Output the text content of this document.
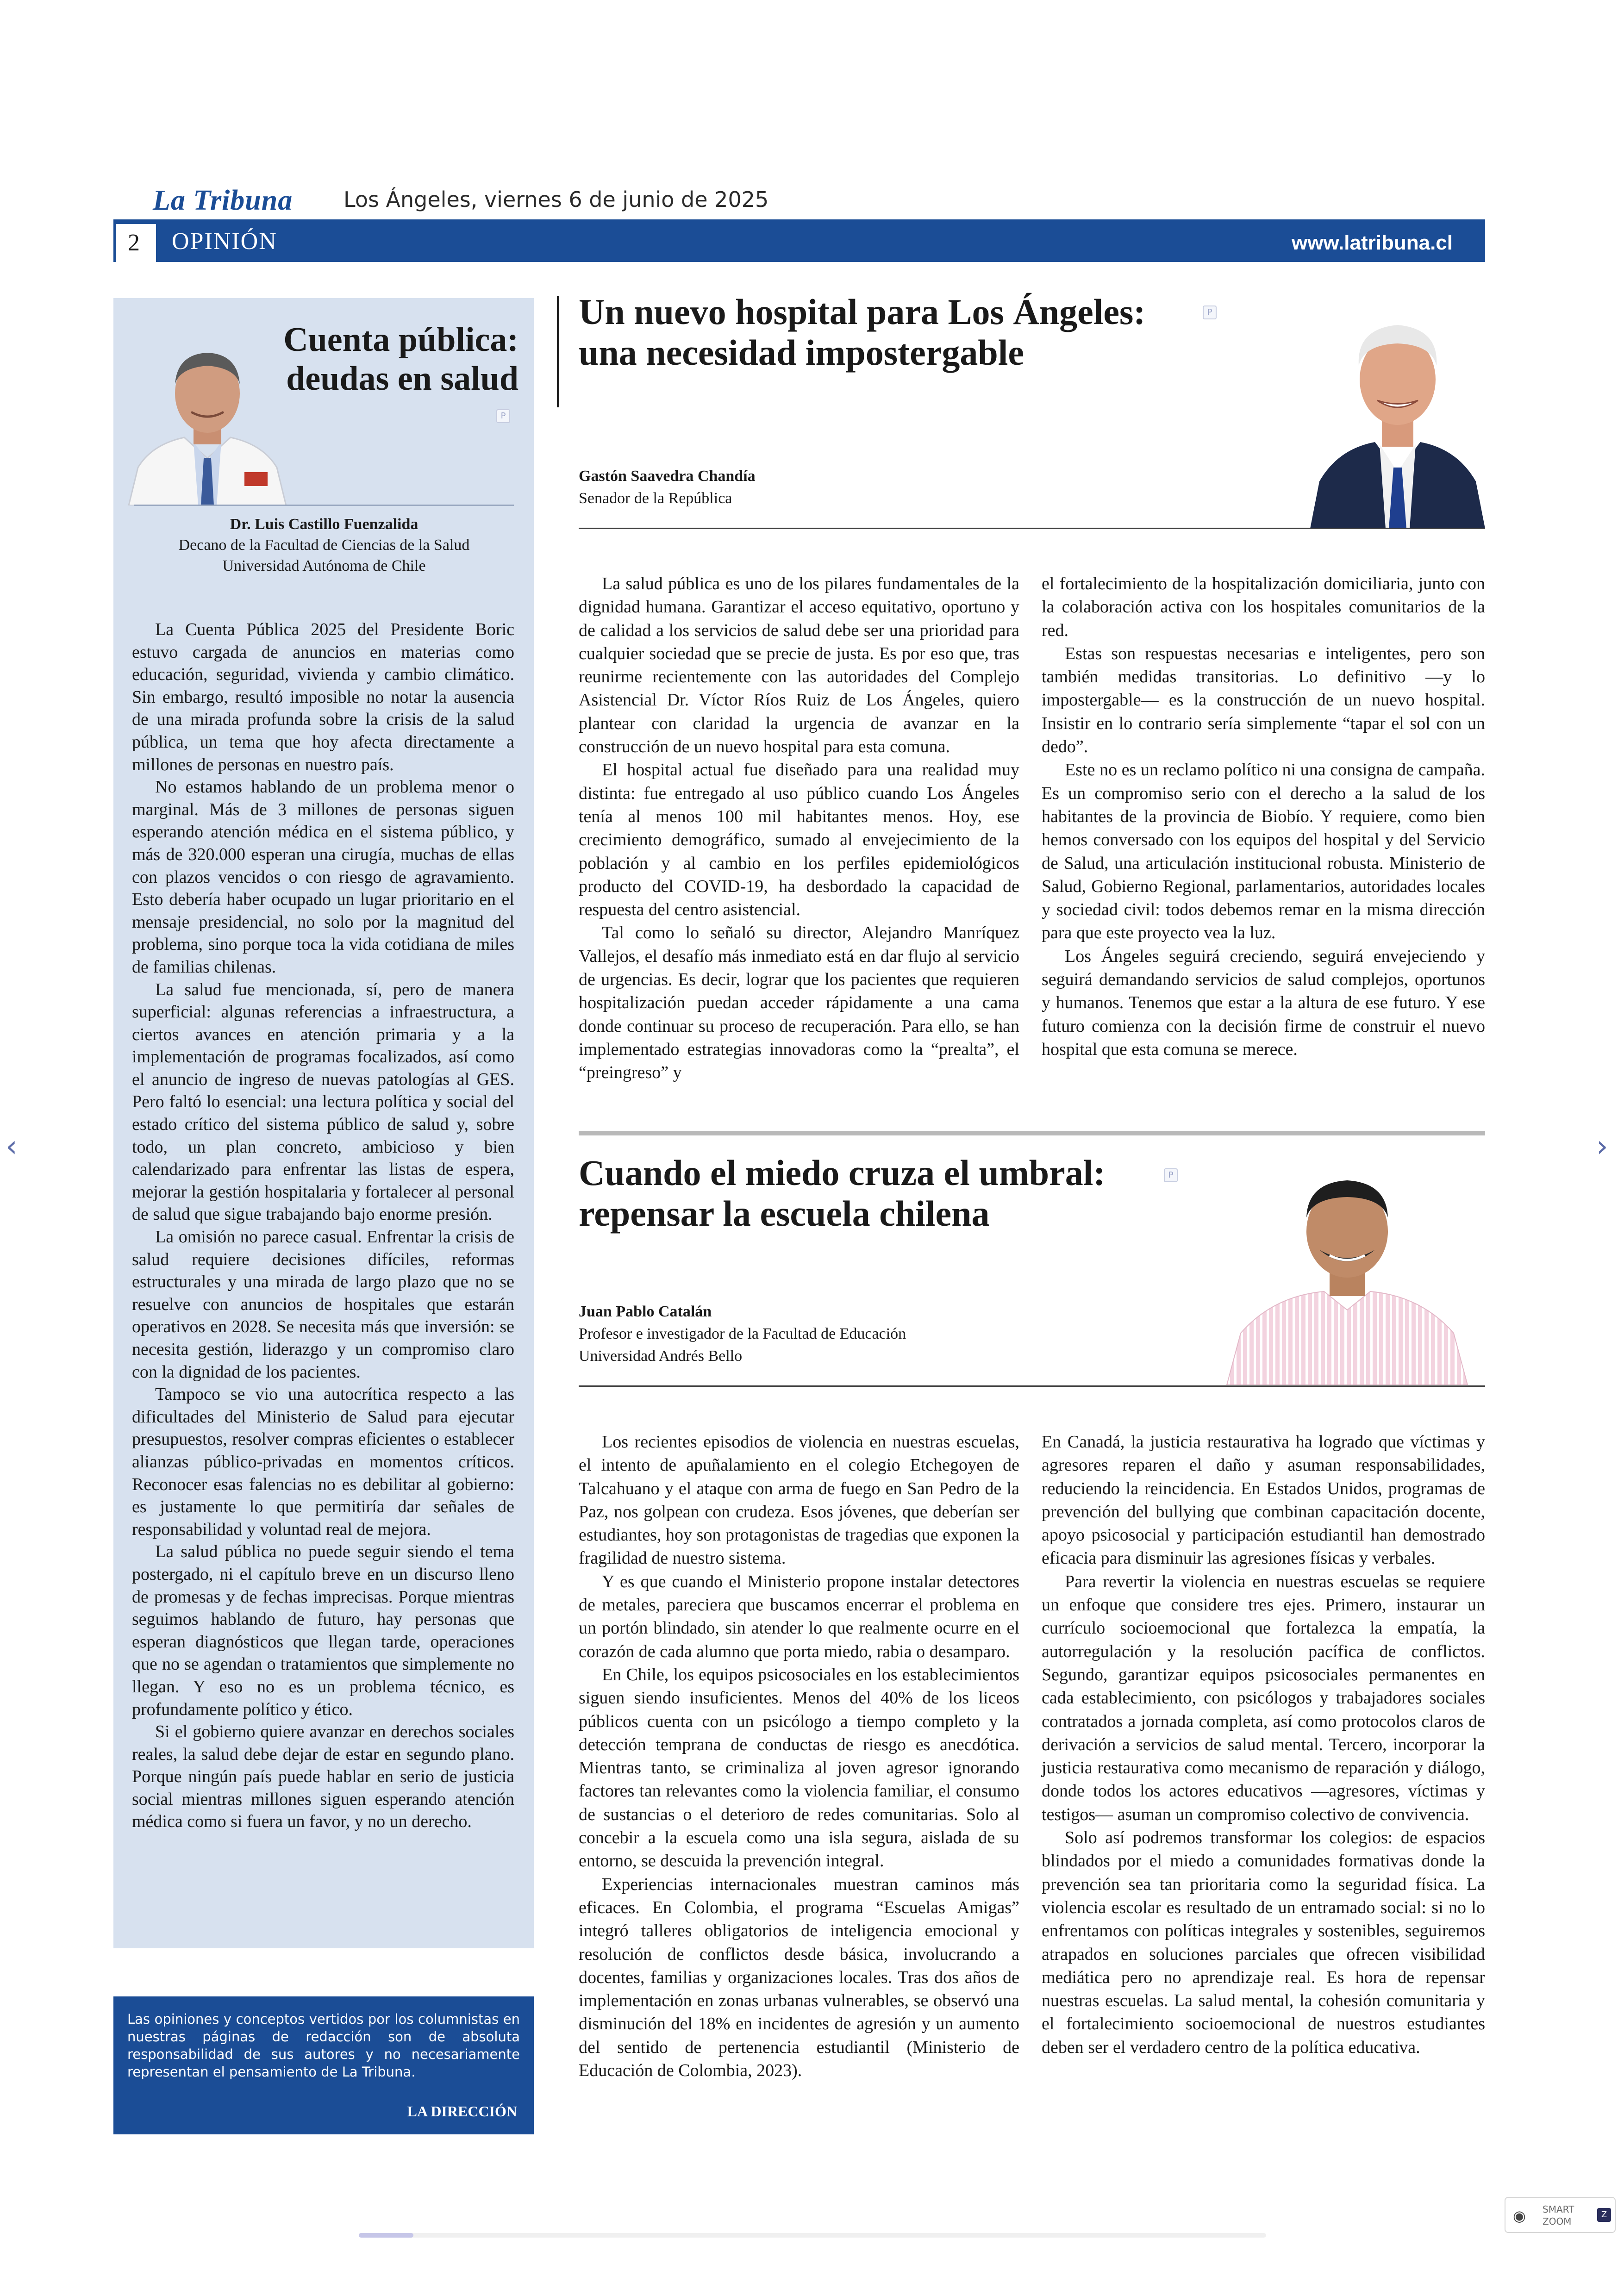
La Tribuna Los Ángeles, viernes 6 de junio de 2025
2	OPINIÓN	www.latribuna.cl
Cuenta pública:
deudas en salud
P
Dr. Luis Castillo Fuenzalida
Decano de la Facultad de Ciencias de la Salud
Universidad Autónoma de Chile

La Cuenta Pública 2025 del Presidente Boric estuvo cargada de anuncios en materias como educación, seguridad, vivienda y cambio climático. Sin embargo, resultó imposible no notar la ausencia de una mirada profunda sobre la crisis de la salud pública, un tema que hoy afecta directamente a millones de personas en nuestro país.

No estamos hablando de un problema menor o marginal. Más de 3 millones de personas siguen esperando atención médica en el sistema público, y más de 320.000 esperan una cirugía, muchas de ellas con plazos vencidos o con riesgo de agravamiento. Esto debería haber ocupado un lugar prioritario en el mensaje presidencial, no solo por la magnitud del problema, sino porque toca la vida cotidiana de miles de familias chilenas.

La salud fue mencionada, sí, pero de manera superficial: algunas referencias a infraestructura, a ciertos avances en atención primaria y a la implementación de programas focalizados, así como el anuncio de ingreso de nuevas patologías al GES. Pero faltó lo esencial: una lectura política y social del estado crítico del sistema público de salud y, sobre todo, un plan concreto, ambicioso y bien calendarizado para enfrentar las listas de espera, mejorar la gestión hospitalaria y fortalecer al personal de salud que sigue trabajando bajo enorme presión.

La omisión no parece casual. Enfrentar la crisis de salud requiere decisiones difíciles, reformas estructurales y una mirada de largo plazo que no se resuelve con anuncios de hospitales que estarán operativos en 2028. Se necesita más que inversión: se necesita gestión, liderazgo y un compromiso claro con la dignidad de los pacientes.

Tampoco se vio una autocrítica respecto a las dificultades del Ministerio de Salud para ejecutar presupuestos, resolver compras eficientes o establecer alianzas público-privadas en momentos críticos. Reconocer esas falencias no es debilitar al gobierno: es justamente lo que permitiría dar señales de responsabilidad y voluntad real de mejora.

La salud pública no puede seguir siendo el tema postergado, ni el capítulo breve en un discurso lleno de promesas y de fechas imprecisas. Porque mientras seguimos hablando de futuro, hay personas que esperan diagnósticos que llegan tarde, operaciones que no se agendan o tratamientos que simplemente no llegan. Y eso no es un problema técnico, es profundamente político y ético.

Si el gobierno quiere avanzar en derechos sociales reales, la salud debe dejar de estar en segundo plano. Porque ningún país puede hablar en serio de justicia social mientras millones siguen esperando atención médica como si fuera un favor, y no un derecho.

Las opiniones y conceptos vertidos por los columnistas en nuestras páginas de redacción son de absoluta responsabilidad de sus autores y no necesariamente representan el pensamiento de La Tribuna.
LA DIRECCIÓN
Un nuevo hospital para Los Ángeles:
una necesidad impostergable
P
Gastón Saavedra Chandía
Senador de la República

La salud pública es uno de los pilares fundamentales de la dignidad humana. Garantizar el acceso equitativo, oportuno y de calidad a los servicios de salud debe ser una prioridad para cualquier sociedad que se precie de justa. Es por eso que, tras reunirme recientemente con las autoridades del Complejo Asistencial Dr. Víctor Ríos Ruiz de Los Ángeles, quiero plantear con claridad la urgencia de avanzar en la construcción de un nuevo hospital para esta comuna.

El hospital actual fue diseñado para una realidad muy distinta: fue entregado al uso público cuando Los Ángeles tenía al menos 100 mil habitantes menos. Hoy, ese crecimiento demográfico, sumado al envejecimiento de la población y al cambio en los perfiles epidemiológicos producto del COVID-19, ha desbordado la capacidad de respuesta del centro asistencial.

Tal como lo señaló su director, Alejandro Manríquez Vallejos, el desafío más inmediato está en dar flujo al servicio de urgencias. Es decir, lograr que los pacientes que requieren hospitalización puedan acceder rápidamente a una cama donde continuar su proceso de recuperación. Para ello, se han implementado estrategias innovadoras como la “prealta”, el “preingreso” y

el fortalecimiento de la hospitalización domiciliaria, junto con la colaboración activa con los hospitales comunitarios de la red.

Estas son respuestas necesarias e inteligentes, pero son también medidas transitorias. Lo definitivo —y lo impostergable— es la construcción de un nuevo hospital. Insistir en lo contrario sería simplemente “tapar el sol con un dedo”.

Este no es un reclamo político ni una consigna de campaña. Es un compromiso serio con el derecho a la salud de los habitantes de la provincia de Biobío. Y requiere, como bien hemos conversado con los equipos del hospital y del Servicio de Salud, una articulación institucional robusta. Ministerio de Salud, Gobierno Regional, parlamentarios, autoridades locales y sociedad civil: todos debemos remar en la misma dirección para que este proyecto vea la luz.

Los Ángeles seguirá creciendo, seguirá envejeciendo y seguirá demandando servicios de salud complejos, oportunos y humanos. Tenemos que estar a la altura de ese futuro. Y ese futuro comienza con la decisión firme de construir el nuevo hospital que esta comuna se merece.

Cuando el miedo cruza el umbral:
repensar la escuela chilena
P
Juan Pablo Catalán
Profesor e investigador de la Facultad de Educación
Universidad Andrés Bello

Los recientes episodios de violencia en nuestras escuelas, el intento de apuñalamiento en el colegio Etchegoyen de Talcahuano y el ataque con arma de fuego en San Pedro de la Paz, nos golpean con crudeza. Esos jóvenes, que deberían ser estudiantes, hoy son protagonistas de tragedias que exponen la fragilidad de nuestro sistema.

Y es que cuando el Ministerio propone instalar detectores de metales, pareciera que buscamos encerrar el problema en un portón blindado, sin atender lo que realmente ocurre en el corazón de cada alumno que porta miedo, rabia o desamparo.

En Chile, los equipos psicosociales en los establecimientos siguen siendo insuficientes. Menos del 40% de los liceos públicos cuenta con un psicólogo a tiempo completo y la detección temprana de conductas de riesgo es anecdótica. Mientras tanto, se criminaliza al joven agresor ignorando factores tan relevantes como la violencia familiar, el consumo de sustancias o el deterioro de redes comunitarias. Solo al concebir a la escuela como una isla segura, aislada de su entorno, se descuida la prevención integral.

Experiencias internacionales muestran caminos más eficaces. En Colombia, el programa “Escuelas Amigas” integró talleres obligatorios de inteligencia emocional y resolución de conflictos desde básica, involucrando a docentes, familias y organizaciones locales. Tras dos años de implementación en zonas urbanas vulnerables, se observó una disminución del 18% en incidentes de agresión y un aumento del sentido de pertenencia estudiantil (Ministerio de Educación de Colombia, 2023).

En Canadá, la justicia restaurativa ha logrado que víctimas y agresores reparen el daño y asuman responsabilidades, reduciendo la reincidencia. En Estados Unidos, programas de prevención del bullying que combinan capacitación docente, apoyo psicosocial y participación estudiantil han demostrado eficacia para disminuir las agresiones físicas y verbales.

Para revertir la violencia en nuestras escuelas se requiere un enfoque que considere tres ejes. Primero, instaurar un currículo socioemocional que fortalezca la empatía, la autorregulación y la resolución pacífica de conflictos. Segundo, garantizar equipos psicosociales permanentes en cada establecimiento, con psicólogos y trabajadores sociales contratados a jornada completa, así como protocolos claros de derivación a servicios de salud mental. Tercero, incorporar la justicia restaurativa como mecanismo de reparación y diálogo, donde todos los actores educativos —agresores, víctimas y testigos— asuman un compromiso colectivo de convivencia.

Solo así podremos transformar los colegios: de espacios blindados por el miedo a comunidades formativas donde la prevención sea tan prioritaria como la seguridad física. La violencia escolar es resultado de un entramado social: si no lo enfrentamos con políticas integrales y sostenibles, seguiremos atrapados en soluciones parciales que ofrecen visibilidad mediática pero no aprendizaje real. Es hora de repensar nuestras escuelas. La salud mental, la cohesión comunitaria y el fortalecimiento socioemocional de nuestros estudiantes deben ser el verdadero centro de la política educativa.

‹	›
◉ SMART
ZOOM
Z
